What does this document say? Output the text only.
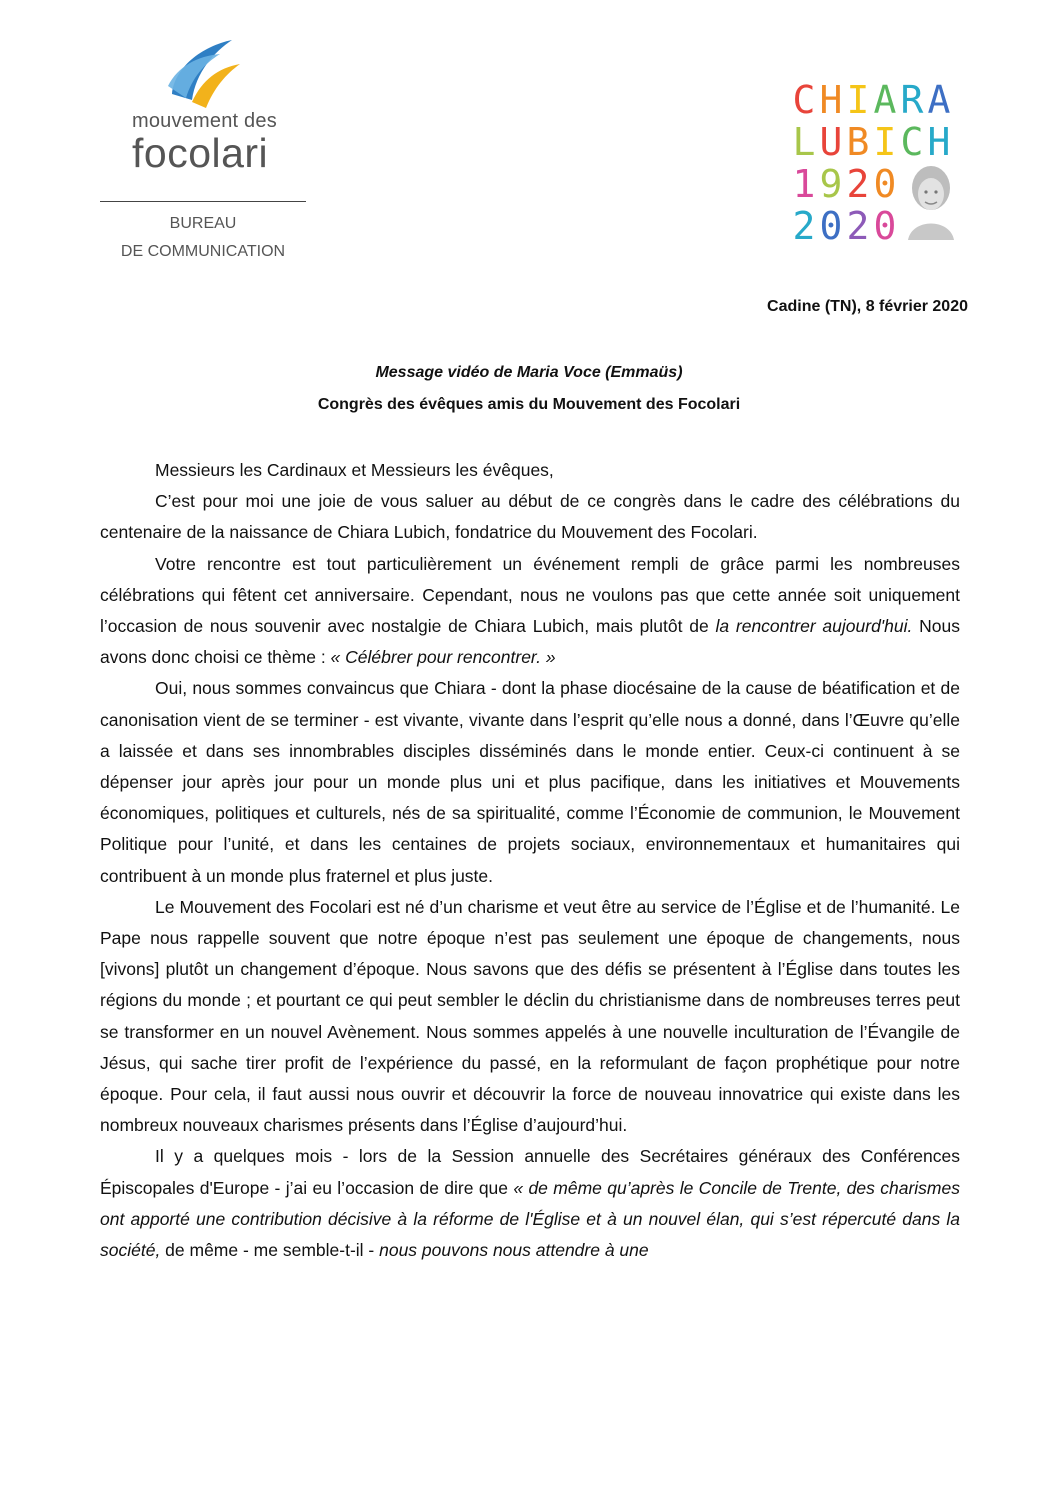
mouvement des
focolari
BUREAU
DE COMMUNICATION
C H I A R A
L U B I C H
1 9 2 0
2 0 2 0
Cadine (TN), 8 février 2020
Message vidéo de Maria Voce (Emmaüs)
Congrès des évêques amis du Mouvement des Focolari

Messieurs les Cardinaux et Messieurs les évêques,

C’est pour moi une joie de vous saluer au début de ce congrès dans le cadre des célébrations du centenaire de la naissance de Chiara Lubich, fondatrice du Mouvement des Focolari.

Votre rencontre est tout particulièrement un événement rempli de grâce parmi les nombreuses célébrations qui fêtent cet anniversaire. Cependant, nous ne voulons pas que cette année soit uniquement l’occasion de nous souvenir avec nostalgie de Chiara Lubich, mais plutôt de la rencontrer aujourd'hui. Nous avons donc choisi ce thème : « Célébrer pour rencontrer. »

Oui, nous sommes convaincus que Chiara - dont la phase diocésaine de la cause de béatification et de canonisation vient de se terminer - est vivante, vivante dans l’esprit qu’elle nous a donné, dans l’Œuvre qu’elle a laissée et dans ses innombrables disciples disséminés dans le monde entier. Ceux-ci continuent à se dépenser jour après jour pour un monde plus uni et plus pacifique, dans les initiatives et Mouvements économiques, politiques et culturels, nés de sa spiritualité, comme l’Économie de communion, le Mouvement Politique pour l’unité, et dans les centaines de projets sociaux, environnementaux et humanitaires qui contribuent à un monde plus fraternel et plus juste.

Le Mouvement des Focolari est né d’un charisme et veut être au service de l’Église et de l’humanité. Le Pape nous rappelle souvent que notre époque n’est pas seulement une époque de changements, nous [vivons] plutôt un changement d’époque. Nous savons que des défis se présentent à l’Église dans toutes les régions du monde ; et pourtant ce qui peut sembler le déclin du christianisme dans de nombreuses terres peut se transformer en un nouvel Avènement. Nous sommes appelés à une nouvelle inculturation de l’Évangile de Jésus, qui sache tirer profit de l’expérience du passé, en la reformulant de façon prophétique pour notre époque. Pour cela, il faut aussi nous ouvrir et découvrir la force de nouveau innovatrice qui existe dans les nombreux nouveaux charismes présents dans l’Église d’aujourd’hui.

Il y a quelques mois - lors de la Session annuelle des Secrétaires généraux des Conférences Épiscopales d'Europe - j’ai eu l’occasion de dire que « de même qu’après le Concile de Trente, des charismes ont apporté une contribution décisive à la réforme de l'Église et à un nouvel élan, qui s’est répercuté dans la société, de même - me semble-t-il - nous pouvons nous attendre à une
